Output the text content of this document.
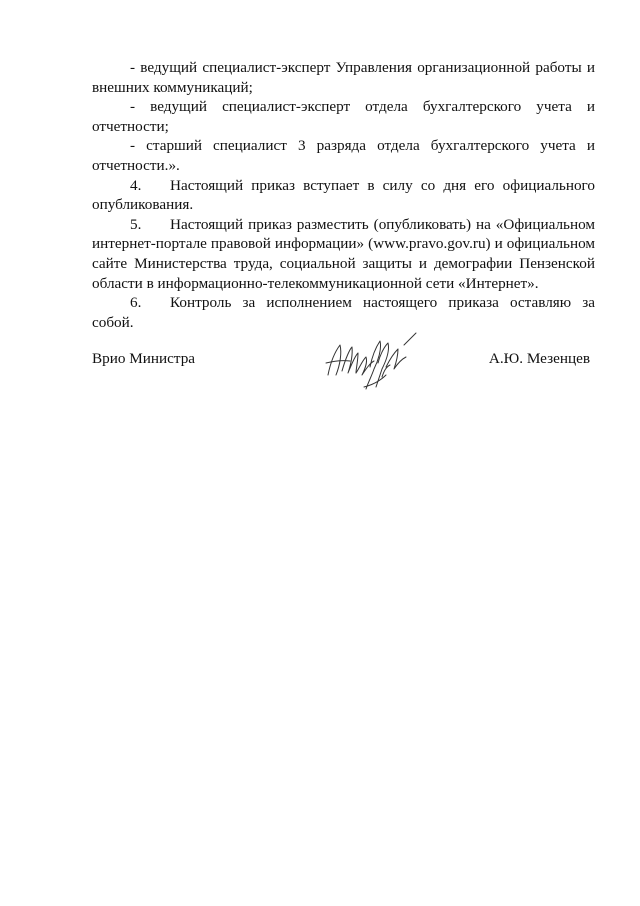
- ведущий специалист-эксперт Управления организационной работы и внешних коммуникаций;

- ведущий специалист-эксперт отдела бухгалтерского учета и отчетности;

- старший специалист 3 разряда отдела бухгалтерского учета и отчетности.».

4. Настоящий приказ вступает в силу со дня его официального опубликования.

5. Настоящий приказ разместить (опубликовать) на «Официальном интернет-портале правовой информации» (www.pravo.gov.ru) и официальном сайте Министерства труда, социальной защиты и демографии Пензенской области в информационно-телекоммуникационной сети «Интернет».

6. Контроль за исполнением настоящего приказа оставляю за собой.

Врио Министра	А.Ю. Мезенцев
